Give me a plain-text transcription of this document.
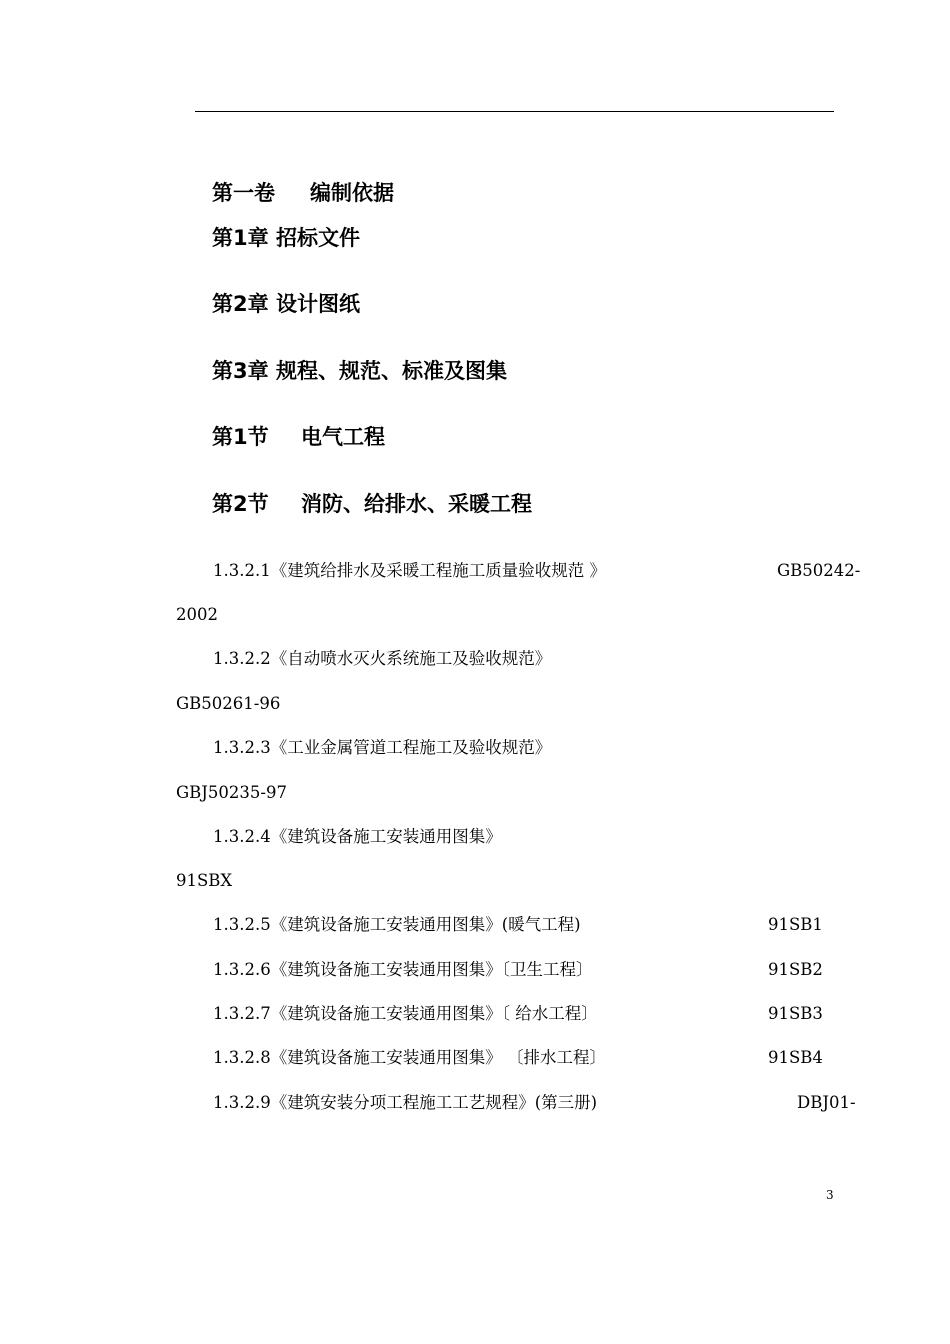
第一卷 编制依据
第1章 招标文件
第2章 设计图纸
第3章 规程、规范、标准及图集
第1节 电气工程
第2节 消防、给排水、采暖工程
1.3.2.1《建筑给排水及采暖工程施工质量验收规范 》	GB50242-
2002
1.3.2.2《自动喷水灭火系统施工及验收规范》
GB50261-96
1.3.2.3《工业金属管道工程施工及验收规范》
GBJ50235-97
1.3.2.4《建筑设备施工安装通用图集》
91SBX
1.3.2.5《建筑设备施工安装通用图集》(暖气工程)	91SB1
1.3.2.6《建筑设备施工安装通用图集》〔卫生工程〕	91SB2
1.3.2.7《建筑设备施工安装通用图集》〔 给水工程〕	91SB3
1.3.2.8《建筑设备施工安装通用图集》 〔排水工程〕	91SB4
1.3.2.9《建筑安装分项工程施工工艺规程》(第三册)	DBJ01-
3
